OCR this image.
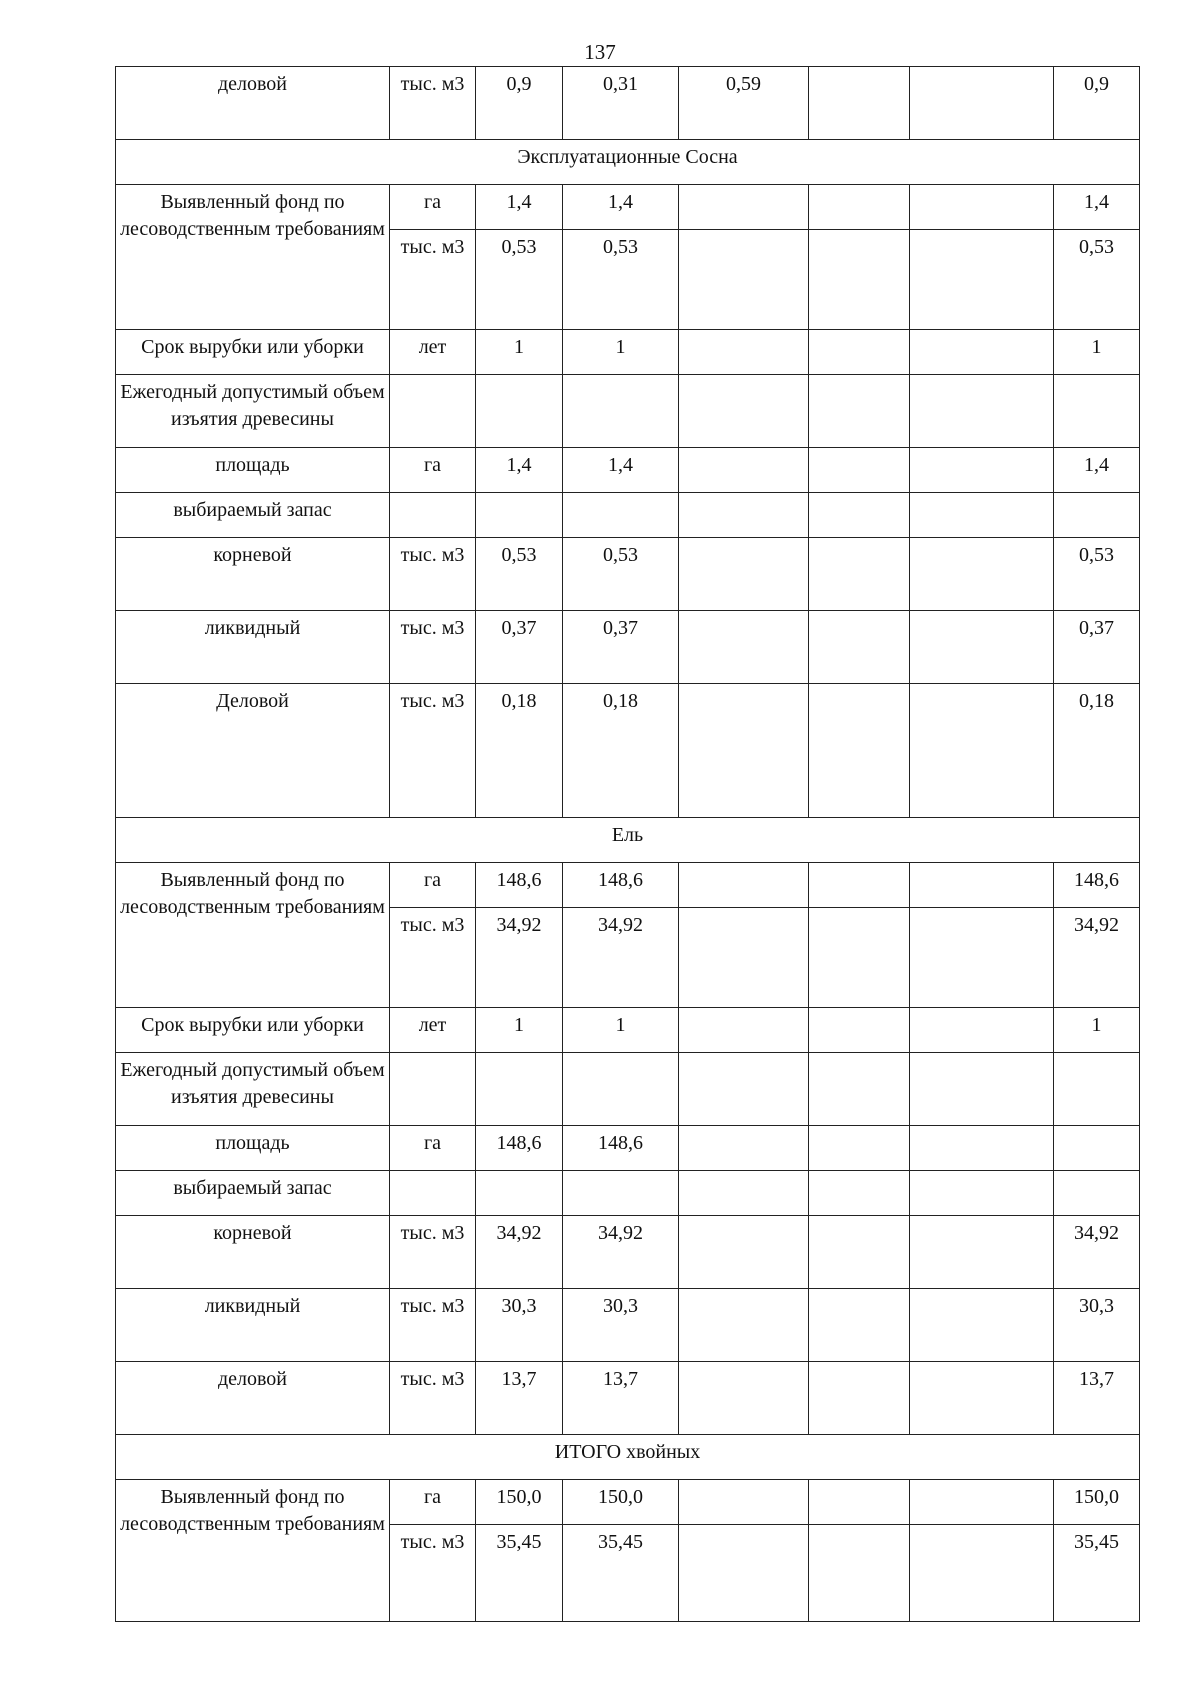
137
деловой	тыс. м3	0,9	0,31	0,59			0,9
Эксплуатационные Сосна							
Выявленный фонд по лесоводственным требованиям	га	1,4	1,4				1,4
	тыс. м3	0,53	0,53				0,53
Срок вырубки или уборки	лет	1	1				1
Ежегодный допустимый объем изъятия древесины							
площадь	га	1,4	1,4				1,4
выбираемый запас							
корневой	тыс. м3	0,53	0,53				0,53
ликвидный	тыс. м3	0,37	0,37				0,37
Деловой	тыс. м3	0,18	0,18				0,18
Ель							
Выявленный фонд по лесоводственным требованиям	га	148,6	148,6				148,6
	тыс. м3	34,92	34,92				34,92
Срок вырубки или уборки	лет	1	1				1
Ежегодный допустимый объем изъятия древесины							
площадь	га	148,6	148,6				
выбираемый запас							
корневой	тыс. м3	34,92	34,92				34,92
ликвидный	тыс. м3	30,3	30,3				30,3
деловой	тыс. м3	13,7	13,7				13,7
ИТОГО хвойных							
Выявленный фонд по лесоводственным требованиям	га	150,0	150,0				150,0
	тыс. м3	35,45	35,45				35,45
